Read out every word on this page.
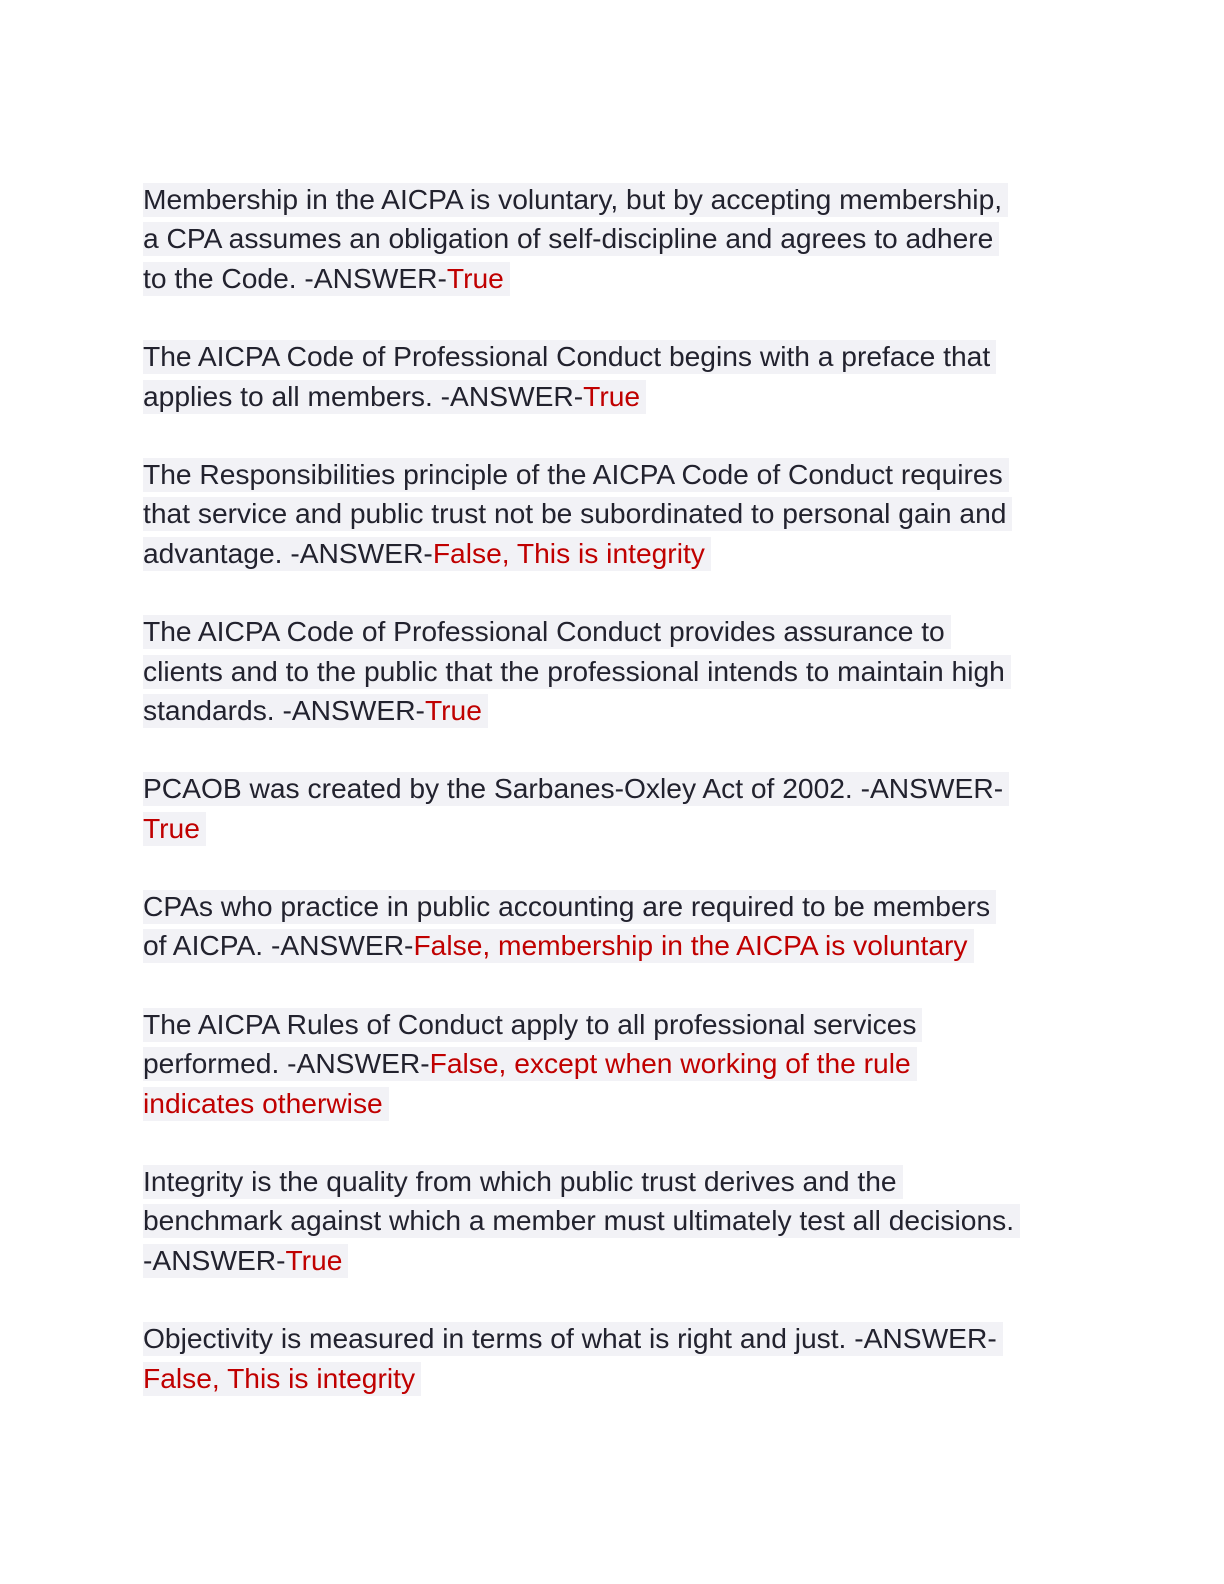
Membership in the AICPA is voluntary, but by accepting membership,
a CPA assumes an obligation of self-discipline and agrees to adhere
to the Code. -ANSWER-True
The AICPA Code of Professional Conduct begins with a preface that
applies to all members. -ANSWER-True
The Responsibilities principle of the AICPA Code of Conduct requires
that service and public trust not be subordinated to personal gain and
advantage. -ANSWER-False, This is integrity
The AICPA Code of Professional Conduct provides assurance to
clients and to the public that the professional intends to maintain high
standards. -ANSWER-True
PCAOB was created by the Sarbanes-Oxley Act of 2002. -ANSWER-
True
CPAs who practice in public accounting are required to be members
of AICPA. -ANSWER-False, membership in the AICPA is voluntary
The AICPA Rules of Conduct apply to all professional services
performed. -ANSWER-False, except when working of the rule
indicates otherwise
Integrity is the quality from which public trust derives and the
benchmark against which a member must ultimately test all decisions.
-ANSWER-True
Objectivity is measured in terms of what is right and just. -ANSWER-
False, This is integrity
